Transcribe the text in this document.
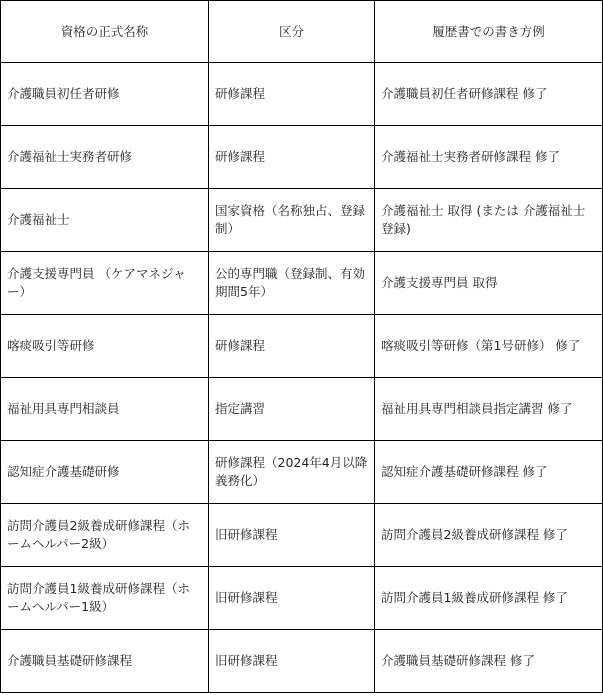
資格の正式名称	区分	履歴書での書き方例
介護職員初任者研修	研修課程	介護職員初任者研修課程 修了
介護福祉士実務者研修	研修課程	介護福祉士実務者研修課程 修了
介護福祉士	国家資格（名称独占、登録制）	介護福祉士 取得 (または 介護福祉士登録)
介護支援専門員 （ケアマネジャー）	公的専門職（登録制、有効期間5年）	介護支援専門員 取得
喀痰吸引等研修	研修課程	喀痰吸引等研修（第1号研修） 修了
福祉用具専門相談員	指定講習	福祉用具専門相談員指定講習 修了
認知症介護基礎研修	研修課程（2024年4月以降義務化）	認知症介護基礎研修課程 修了
訪問介護員2級養成研修課程（ホームヘルパー2級）	旧研修課程	訪問介護員2級養成研修課程 修了
訪問介護員1級養成研修課程（ホームヘルパー1級）	旧研修課程	訪問介護員1級養成研修課程 修了
介護職員基礎研修課程	旧研修課程	介護職員基礎研修課程 修了
